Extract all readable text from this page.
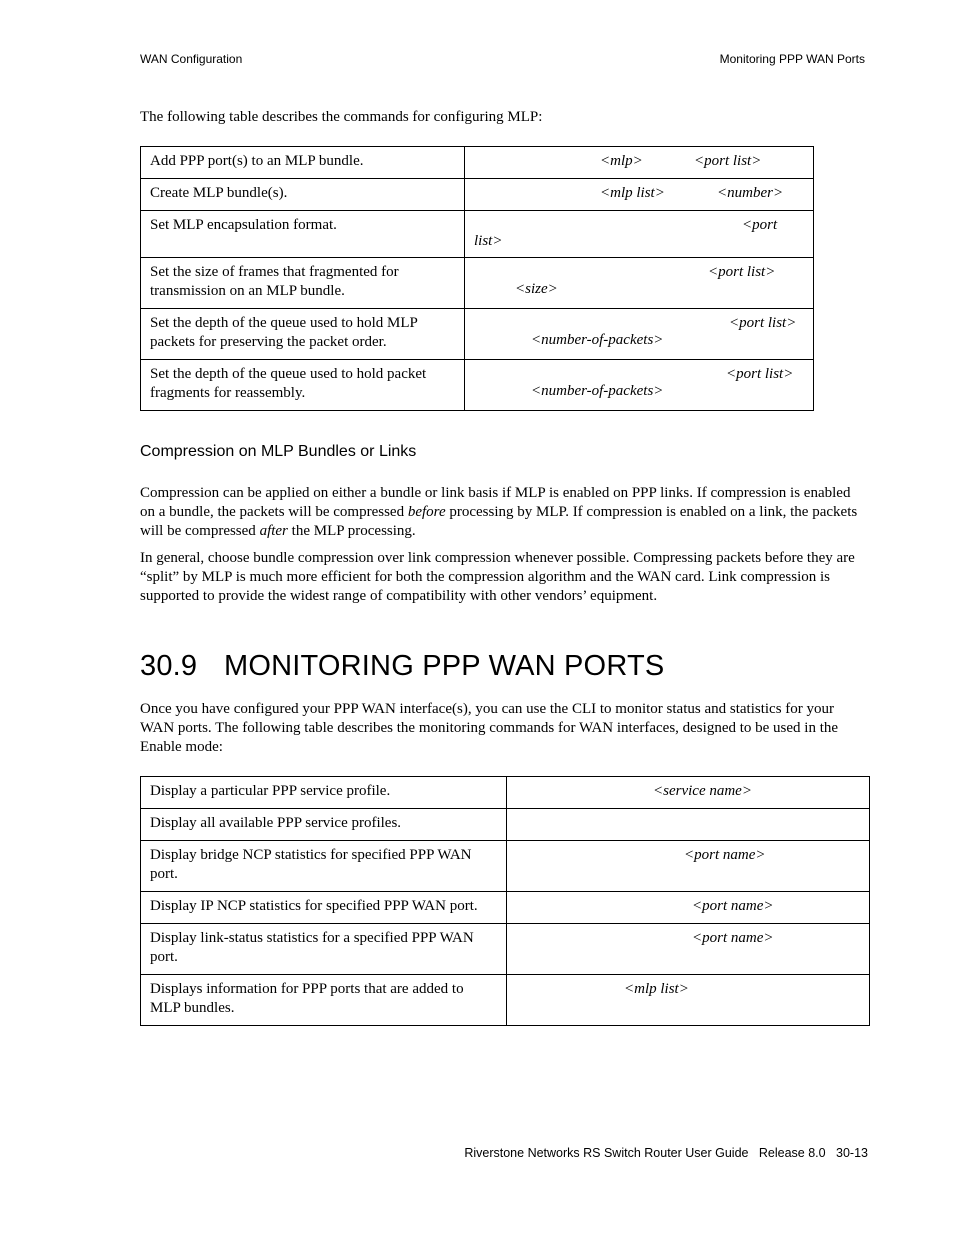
WAN Configuration	Monitoring PPP WAN Ports

The following table describes the commands for configuring MLP:

Add PPP port(s) to an MLP bundle.	<mlp> <port list>

Create MLP bundle(s).	<mlp list> <number>

Set MLP encapsulation format.	<port
list>

Set the size of frames that fragmented for transmission on an MLP bundle.	<port list>
<size>

Set the depth of the queue used to hold MLP packets for preserving the packet order.	<port list>
<number-of-packets>

Set the depth of the queue used to hold packet fragments for reassembly.	<port list>
<number-of-packets>
Compression on MLP Bundles or Links

Compression can be applied on either a bundle or link basis if MLP is enabled on PPP links. If compression is enabled on a bundle, the packets will be compressed before processing by MLP. If compression is enabled on a link, the packets will be compressed after the MLP processing.

In general, choose bundle compression over link compression whenever possible. Compressing packets before they are “split” by MLP is much more efficient for both the compression algorithm and the WAN card. Link compression is supported to provide the widest range of compatibility with other vendors’ equipment.

30.9 MONITORING PPP WAN PORTS

Once you have configured your PPP WAN interface(s), you can use the CLI to monitor status and statistics for your WAN ports. The following table describes the monitoring commands for WAN interfaces, designed to be used in the Enable mode:

Display a particular PPP service profile.	<service name>

Display all available PPP service profiles.	
Display bridge NCP statistics for specified PPP WAN port.	<port name>

Display IP NCP statistics for specified PPP WAN port.	<port name>

Display link-status statistics for a specified PPP WAN port.	<port name>

Displays information for PPP ports that are added to MLP bundles.	<mlp list>
Riverstone Networks RS Switch Router User Guide   Release 8.0   30-13
